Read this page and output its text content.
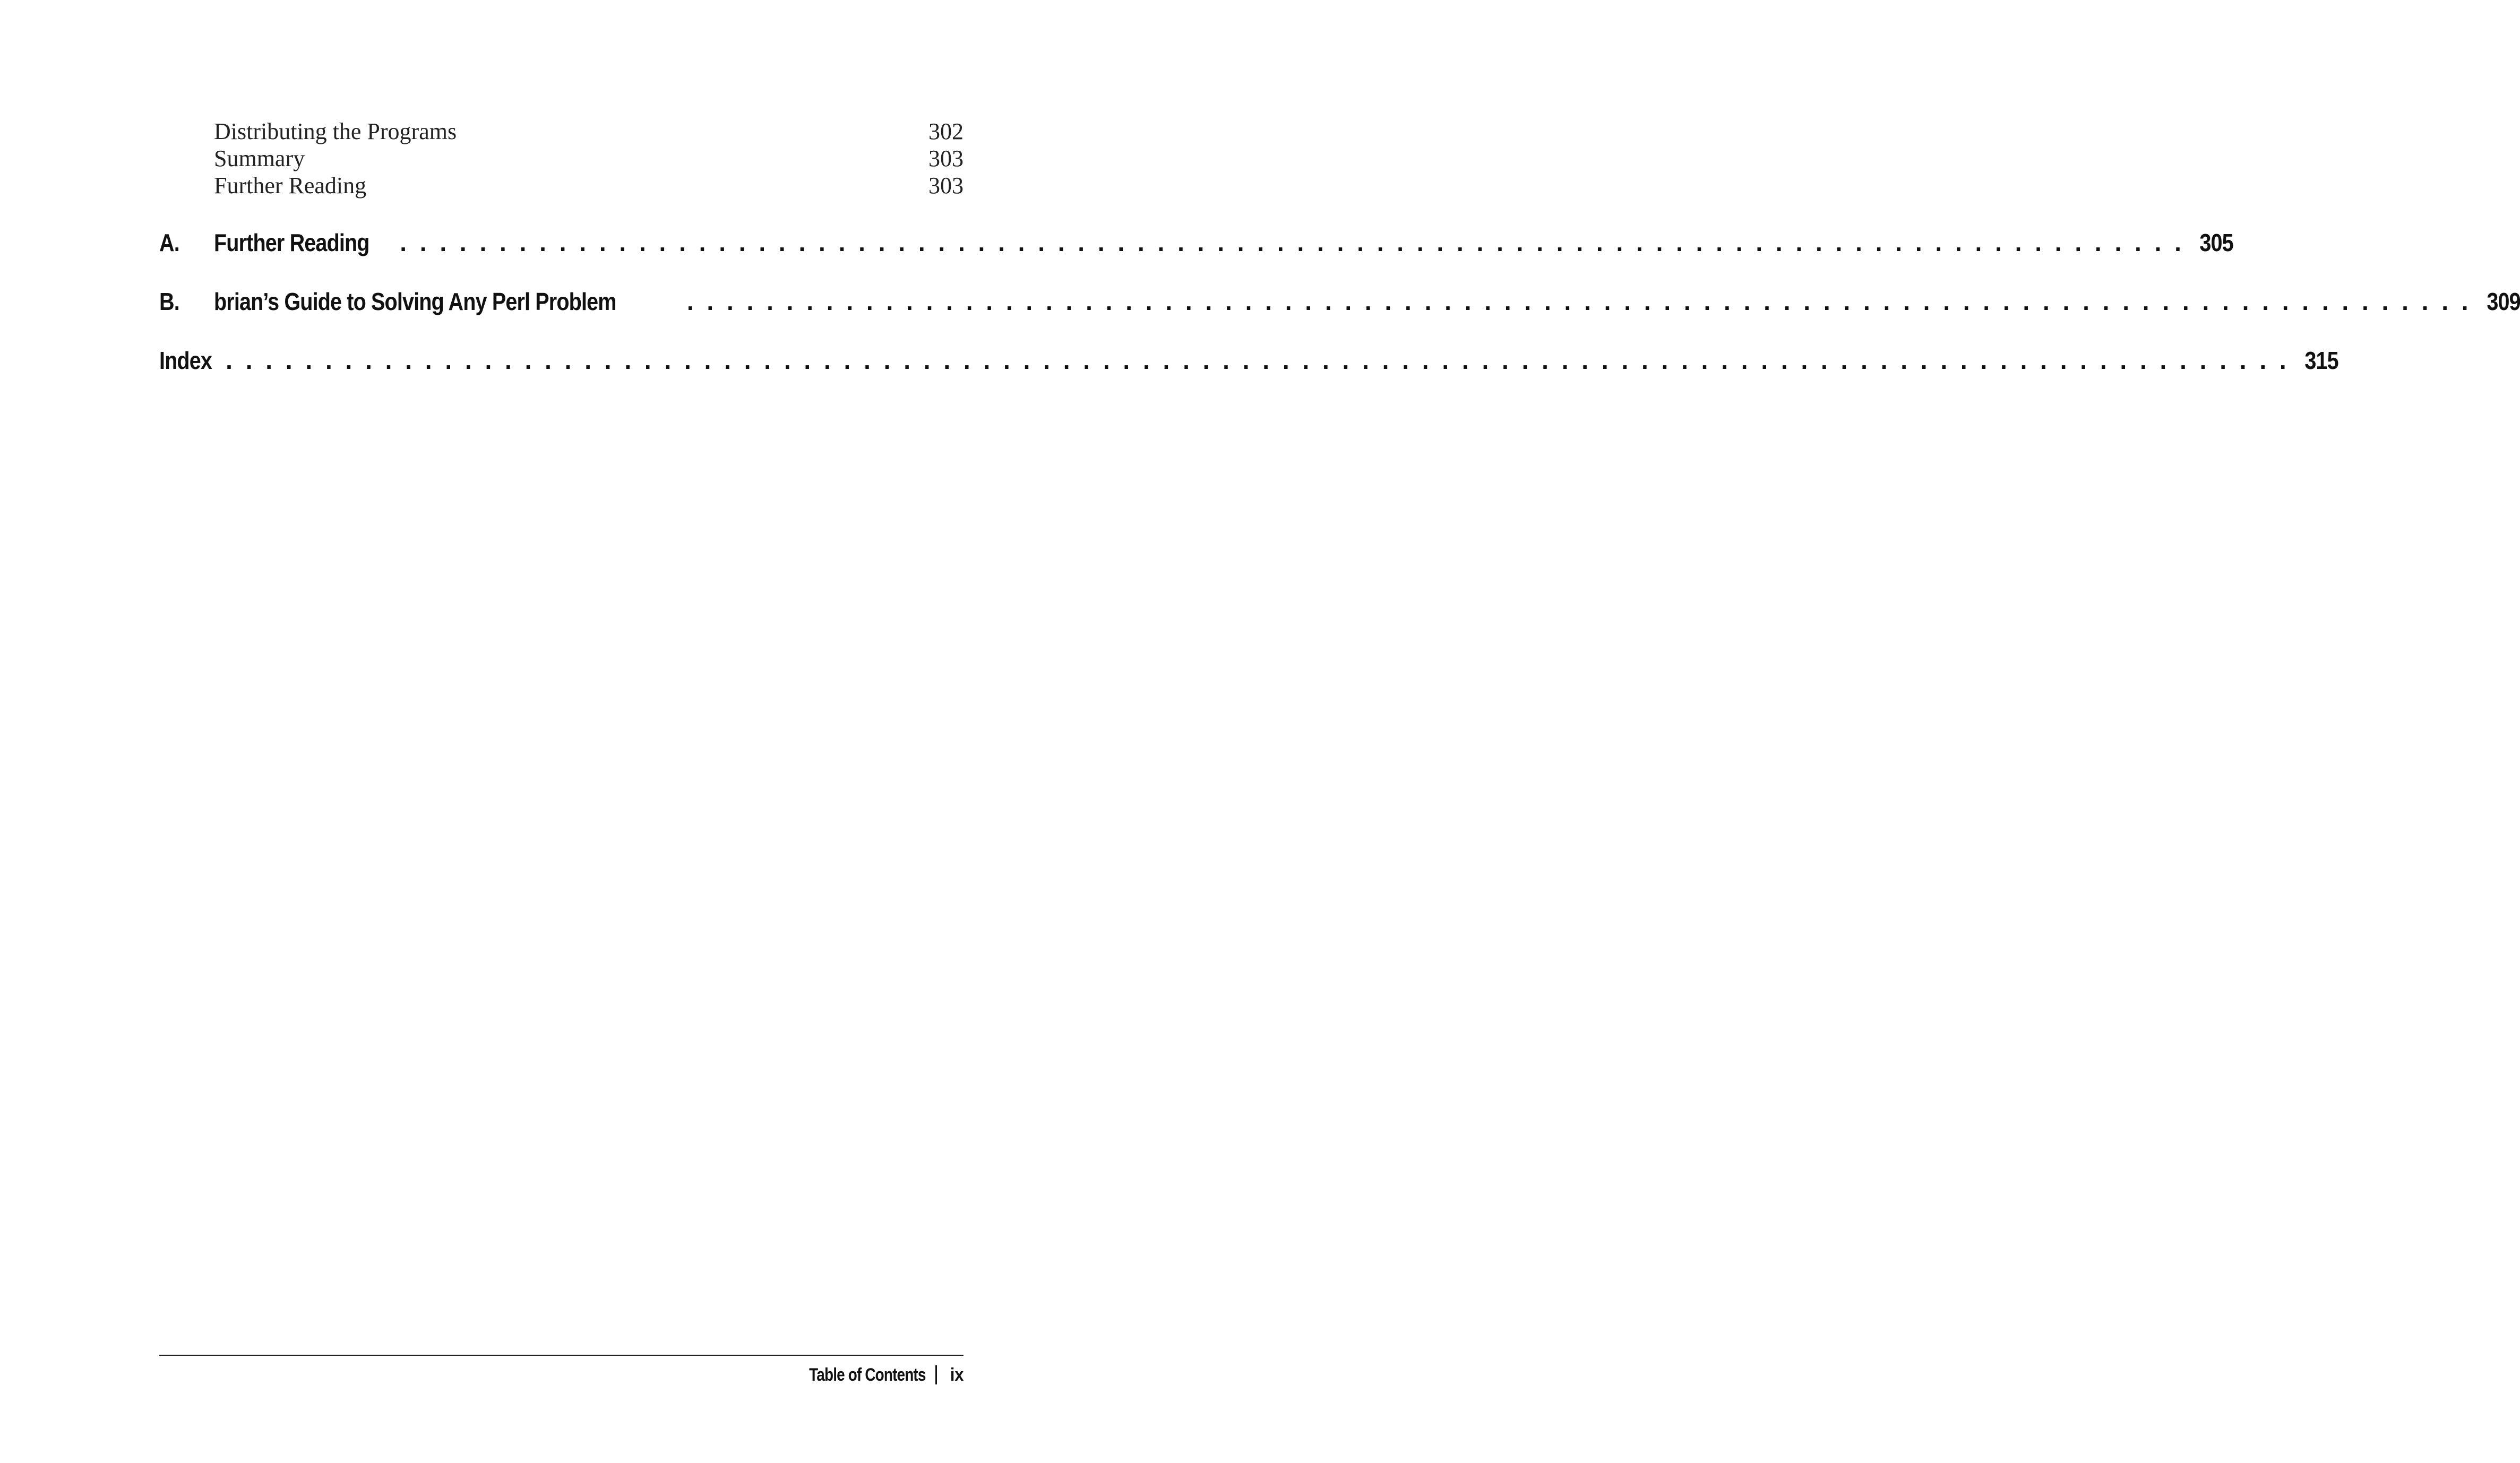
Distributing the Programs	302
Summary	303
Further Reading	303
A.	Further Reading . . . . . . . . . . . . . . . . . . . . . . . . . . . . . . . . . . . . . . . . . . . . . . . . . . . . . . . . . . . . . . . . . . . . . . . . . . . . . . . . . . . . . . . . . . 305
B.	brian’s Guide to Solving Any Perl Problem	. . . . . . . . . . . . . . . . . . . . . . . . . . . . . . . . . . . . . . . . . . . . . . . . . . . . . . . . . . . . . . . . . . . . . . . . . . . . . . . . . . . . . . . . . . 309
Index . . . . . . . . . . . . . . . . . . . . . . . . . . . . . . . . . . . . . . . . . . . . . . . . . . . . . . . . . . . . . . . . . . . . . . . . . . . . . . . . . . . . . . . . . . . . . . . . . . . . . . . . 315
Table of Contents ix
